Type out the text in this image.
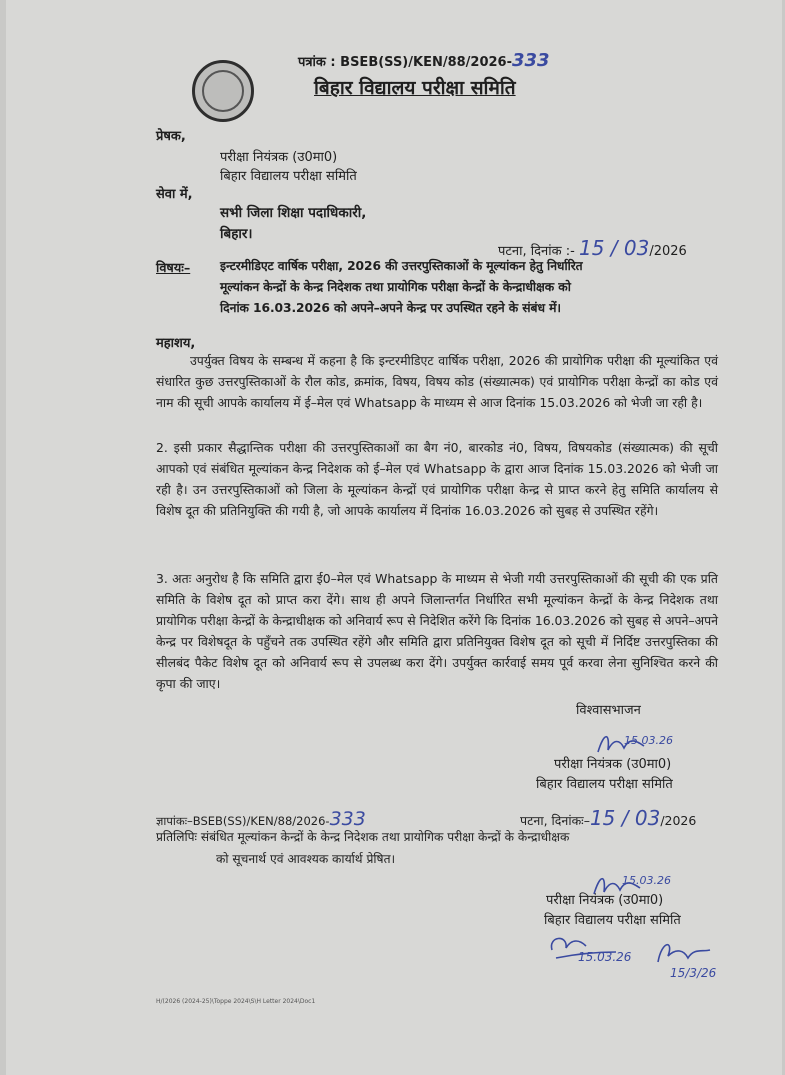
पत्रांक : BSEB(SS)/KEN/88/2026-333
बिहार विद्यालय परीक्षा समिति
प्रेषक,
परीक्षा नियंत्रक (उ0मा0)
बिहार विद्यालय परीक्षा समिति
सेवा में,
सभी जिला शिक्षा पदाधिकारी,
बिहार।
पटना, दिनांक :- 15 / 03/2026
विषयः– इन्टरमीडिएट वार्षिक परीक्षा, 2026 की उत्तरपुस्तिकाओं के मूल्यांकन हेतु निर्धारित
मूल्यांकन केन्द्रों के केन्द्र निदेशक तथा प्रायोगिक परीक्षा केन्द्रों के केन्द्राधीक्षक को
दिनांक 16.03.2026 को अपने–अपने केन्द्र पर उपस्थित रहने के संबंध में।
महाशय,

उपर्युक्त विषय के सम्बन्ध में कहना है कि इन्टरमीडिएट वार्षिक परीक्षा, 2026 की प्रायोगिक परीक्षा की मूल्यांकित एवं संधारित कुछ उत्तरपुस्तिकाओं के रौल कोड, क्रमांक, विषय, विषय कोड (संख्यात्मक) एवं प्रायोगिक परीक्षा केन्द्रों का कोड एवं नाम की सूची आपके कार्यालय में ई–मेल एवं Whatsapp के माध्यम से आज दिनांक 15.03.2026 को भेजी जा रही है।

2. इसी प्रकार सैद्धान्तिक परीक्षा की उत्तरपुस्तिकाओं का बैग नं0, बारकोड नं0, विषय, विषयकोड (संख्यात्मक) की सूची आपको एवं संबंधित मूल्यांकन केन्द्र निदेशक को ई–मेल एवं Whatsapp के द्वारा आज दिनांक 15.03.2026 को भेजी जा रही है। उन उत्तरपुस्तिकाओं को जिला के मूल्यांकन केन्द्रों एवं प्रायोगिक परीक्षा केन्द्र से प्राप्त करने हेतु समिति कार्यालय से विशेष दूत की प्रतिनियुक्ति की गयी है, जो आपके कार्यालय में दिनांक 16.03.2026 को सुबह से उपस्थित रहेंगे।

3. अतः अनुरोध है कि समिति द्वारा ई0–मेल एवं Whatsapp के माध्यम से भेजी गयी उत्तरपुस्तिकाओं की सूची की एक प्रति समिति के विशेष दूत को प्राप्त करा देंगे। साथ ही अपने जिलान्तर्गत निर्धारित सभी मूल्यांकन केन्द्रों के केन्द्र निदेशक तथा प्रायोगिक परीक्षा केन्द्रों के केन्द्राधीक्षक को अनिवार्य रूप से निदेशित करेंगे कि दिनांक 16.03.2026 को सुबह से अपने–अपने केन्द्र पर विशेषदूत के पहुँचने तक उपस्थित रहेंगे और समिति द्वारा प्रतिनियुक्त विशेष दूत को सूची में निर्दिष्ट उत्तरपुस्तिका की सीलबंद पैकेट विशेष दूत को अनिवार्य रूप से उपलब्ध करा देंगे। उपर्युक्त कार्रवाई समय पूर्व करवा लेना सुनिश्चित करने की कृपा की जाए।

विश्वासभाजन
15.03.26
परीक्षा नियंत्रक (उ0मा0)
बिहार विद्यालय परीक्षा समिति
ज्ञापांकः–BSEB(SS)/KEN/88/2026-333	पटना, दिनांकः–15 / 03/2026
प्रतिलिपिः संबंधित मूल्यांकन केन्द्रों के केन्द्र निदेशक तथा प्रायोगिक परीक्षा केन्द्रों के केन्द्राधीक्षक
को सूचनार्थ एवं आवश्यक कार्यार्थ प्रेषित।
15.03.26
परीक्षा नियंत्रक (उ0मा0)
बिहार विद्यालय परीक्षा समिति
15.03.26
15/3/26
H/(2026 (2024-25)\Toppe 2024\S\H Letter 2024\Doc1
